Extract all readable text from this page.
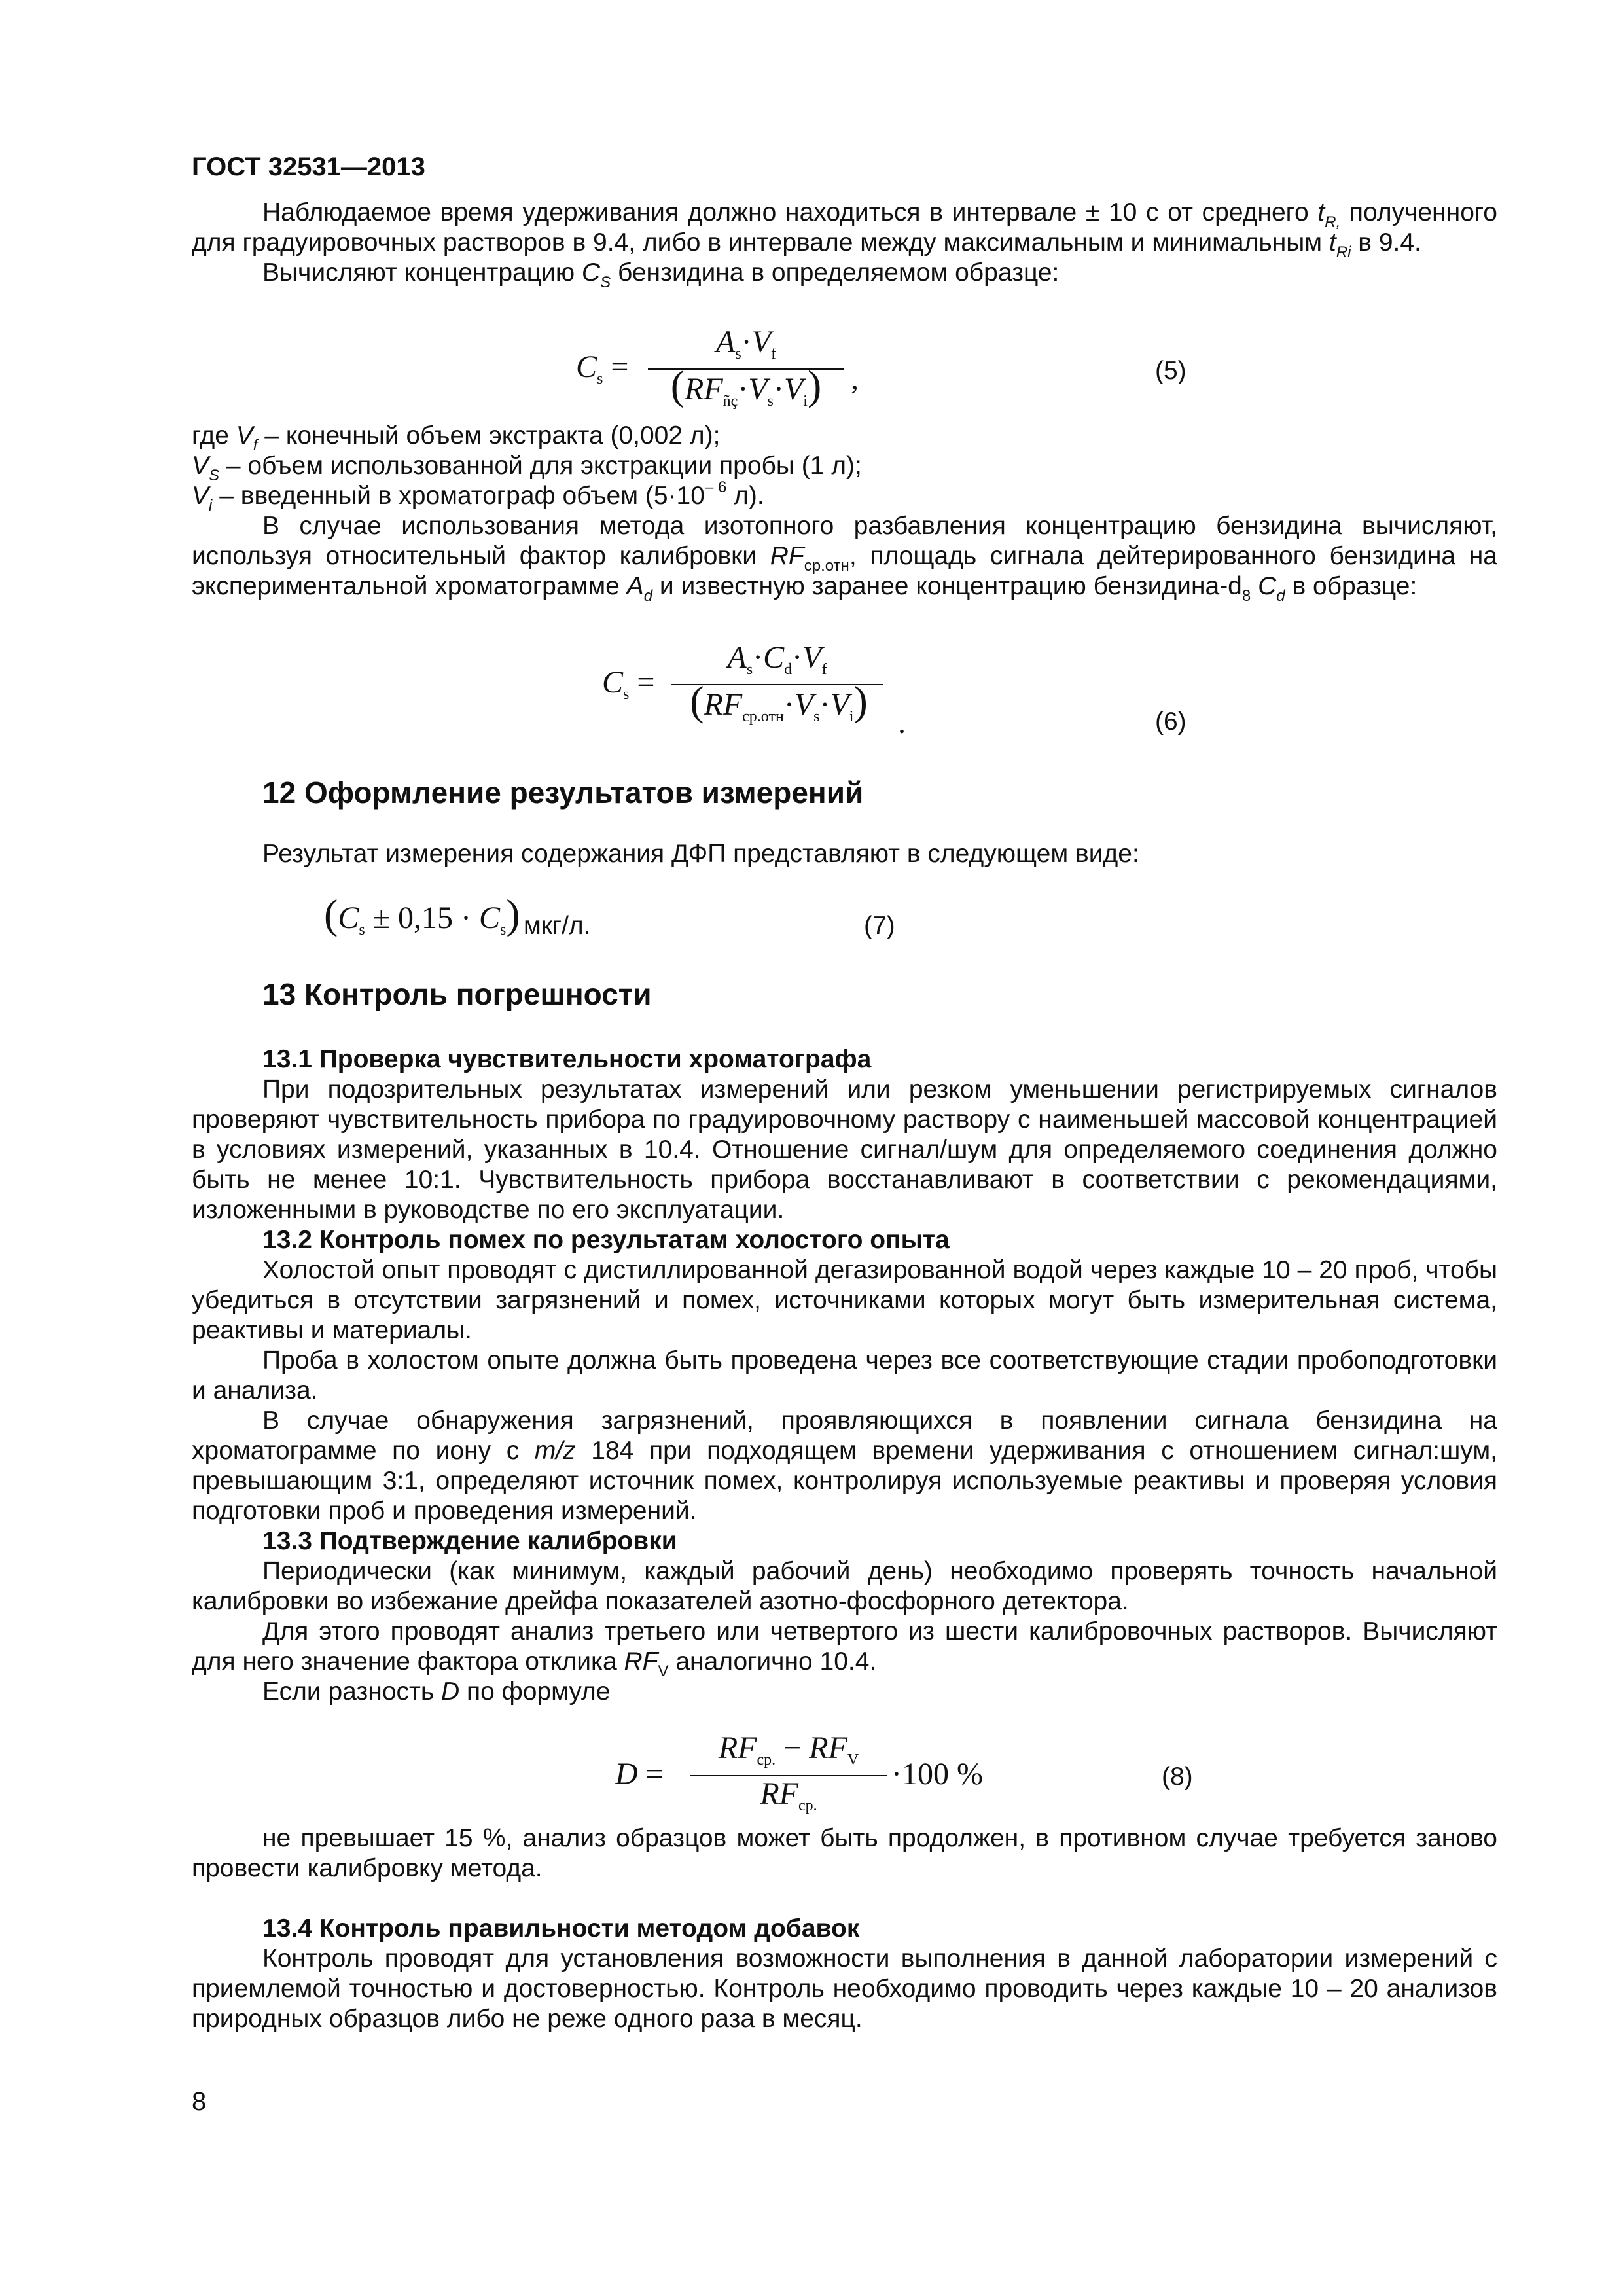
ГОСТ 32531—2013

Наблюдаемое время удерживания должно находиться в интервале ± 10 с от среднего $t_{R,}$ полученного для градуировочных растворов в 9.4, либо в интервале между максимальным и минимальным $t_{Ri}$ в 9.4.

Вычисляют концентрацию $C_S$ бензидина в определяемом образце:

$C_s$ =
$A_s\cdot V_f$
$(RF_{ñç}\cdot V_s\cdot V_i)$ ,	(5)

где $V_f$ – конечный объем экстракта (0,002 л);

$V_S$ – объем использованной для экстракции пробы (1 л);

$V_i$ – введенный в хроматограф объем ($5\cdot 10^{- 6}$ л).

В случае использования метода изотопного разбавления концентрацию бензидина вычисляют, используя относительный фактор калибровки $RF_{ср.отн}$, площадь сигнала дейтерированного бензидина на экспериментальной хроматограмме $A_d$ и известную заранее концентрацию бензидина-$d_8$ $C_d$ в образце:

$C_s$ =
$A_s\cdot C_d\cdot V_f$
$(RF_{ср.отн}\cdot V_s\cdot V_i)$ .	(6)
12 Оформление результатов измерений
Результат измерения содержания ДФП представляют в следующем виде:
$(C_s \pm 0,15 \cdot C_s)$ мкг/л.	(7)
13 Контроль погрешности

13.1 Проверка чувствительности хроматографа

При подозрительных результатах измерений или резком уменьшении регистрируемых сигналов проверяют чувствительность прибора по градуировочному раствору с наименьшей массовой концентрацией в условиях измерений, указанных в 10.4. Отношение сигнал/шум для определяемого соединения должно быть не менее 10:1. Чувствительность прибора восстанавливают в соответствии с рекомендациями, изложенными в руководстве по его эксплуатации.

13.2 Контроль помех по результатам холостого опыта

Холостой опыт проводят с дистиллированной дегазированной водой через каждые 10 – 20 проб, чтобы убедиться в отсутствии загрязнений и помех, источниками которых могут быть измерительная система, реактивы и материалы.

Проба в холостом опыте должна быть проведена через все соответствующие стадии пробоподготовки и анализа.

В случае обнаружения загрязнений, проявляющихся в появлении сигнала бензидина на хроматограмме по иону с m/z 184 при подходящем времени удерживания с отношением сигнал:шум, превышающим 3:1, определяют источник помех, контролируя используемые реактивы и проверяя условия подготовки проб и проведения измерений.

13.3 Подтверждение калибровки

Периодически (как минимум, каждый рабочий день) необходимо проверять точность начальной калибровки во избежание дрейфа показателей азотно-фосфорного детектора.

Для этого проводят анализ третьего или четвертого из шести калибровочных растворов. Вычисляют для него значение фактора отклика $RF_V$ аналогично 10.4.

Если разность D по формуле

D =
$RF_{ср.} - RF_V$
$RF_{ср.}$
·100 %	(8)

не превышает 15 %, анализ образцов может быть продолжен, в противном случае требуется заново провести калибровку метода.

13.4 Контроль правильности методом добавок

Контроль проводят для установления возможности выполнения в данной лаборатории измерений с приемлемой точностью и достоверностью. Контроль необходимо проводить через каждые 10 – 20 анализов природных образцов либо не реже одного раза в месяц.

8
